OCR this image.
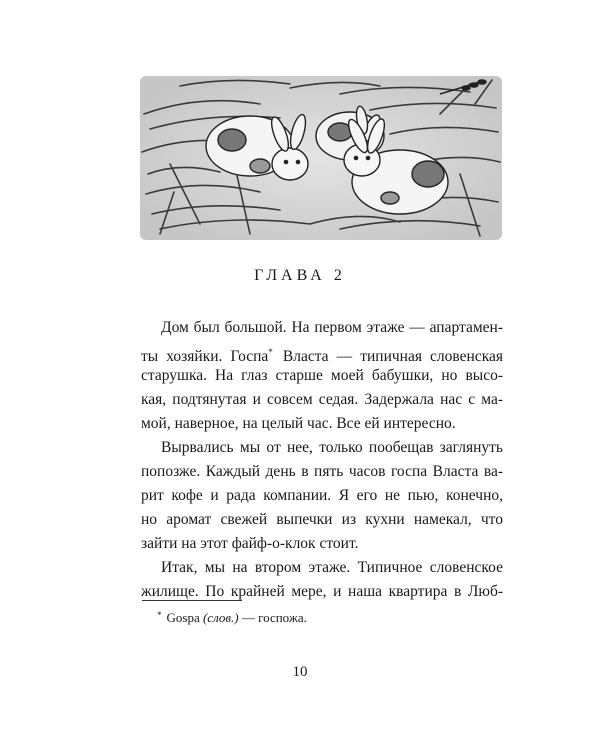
ГЛАВА 2
Дом был большой. На первом этаже — апартамен-
ты хозяйки. Госпа* Власта — типичная словенская
старушка. На глаз старше моей бабушки, но высо-
кая, подтянутая и совсем седая. Задержала нас с ма-
мой, наверное, на целый час. Все ей интересно.
Вырвались мы от нее, только пообещав заглянуть
попозже. Каждый день в пять часов госпа Власта ва-
рит кофе и рада компании. Я его не пью, конечно,
но аромат свежей выпечки из кухни намекал, что
зайти на этот файф-о-клок стоит.
Итак, мы на втором этаже. Типичное словенское
жилище. По крайней мере, и наша квартира в Люб-
* Gospa (слов.) — госпожа.
10
